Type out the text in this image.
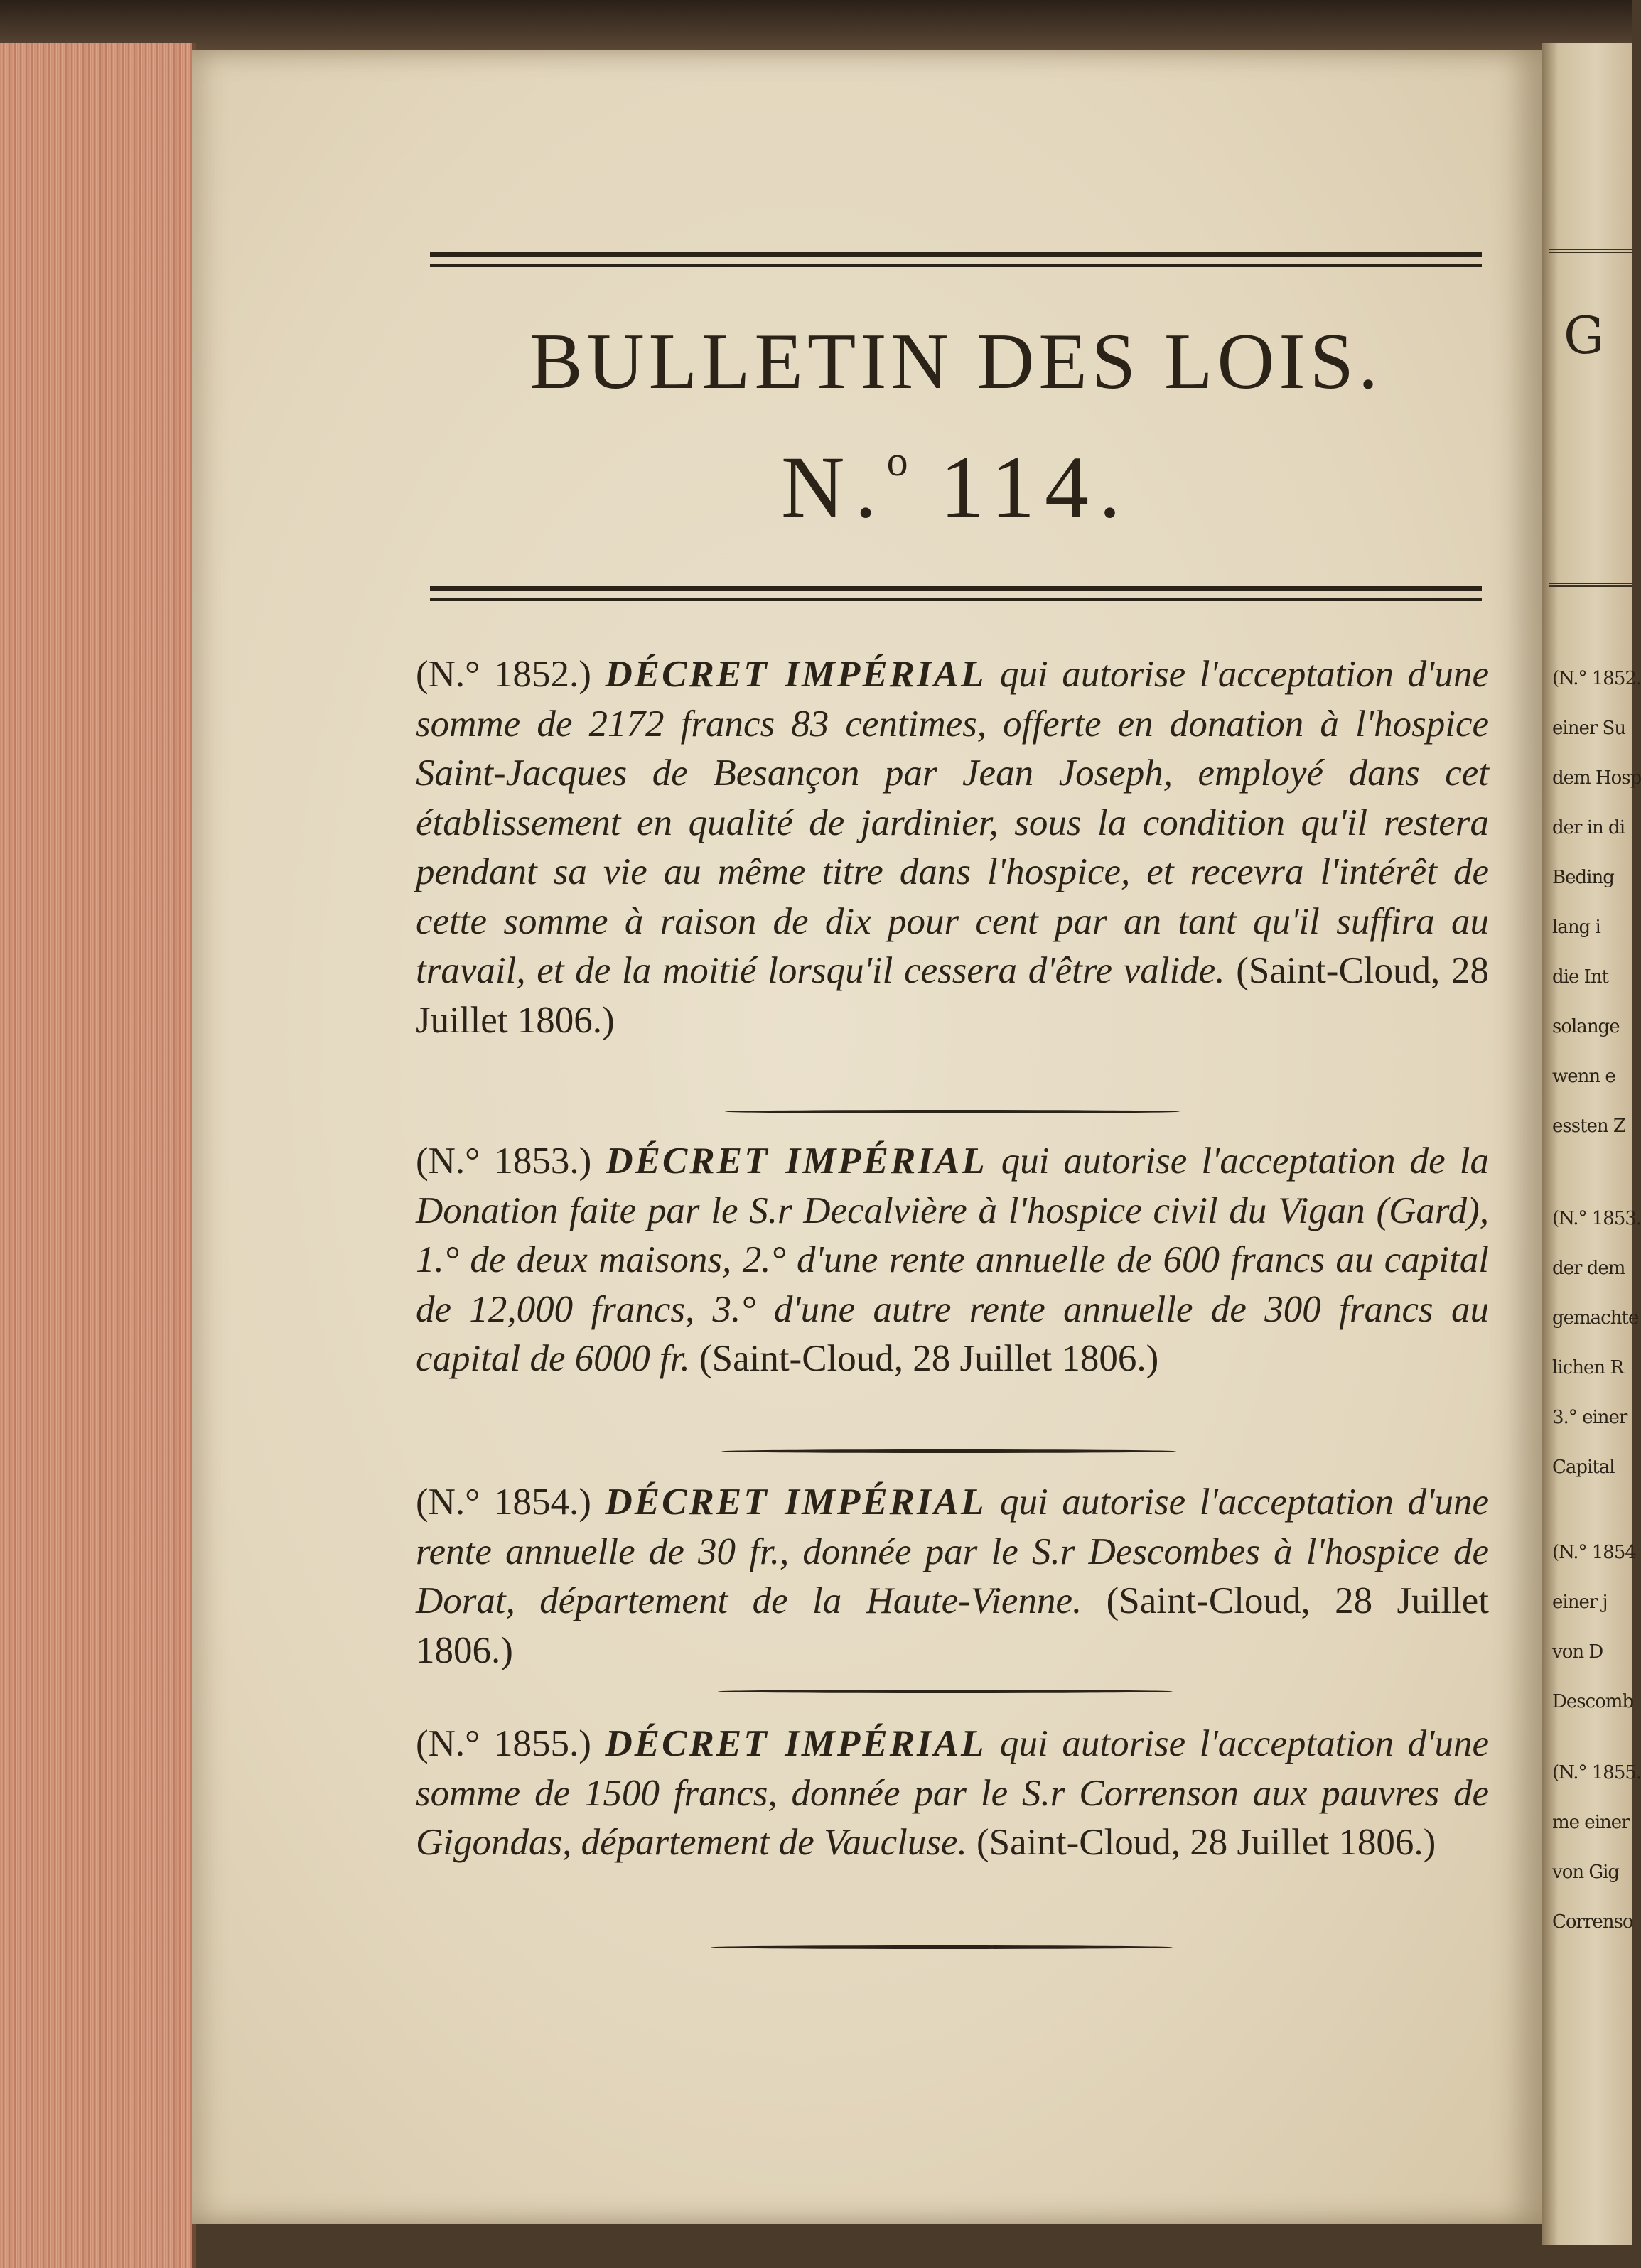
G
(N.° 1852.
einer Su
dem Hosp
der in di
Beding
lang i
die Int
solange
wenn e
essten Z
(N.° 1853.
der dem
gemachte
lichen R
3.° einer
Capital
(N.° 1854
einer j
von D
Descomb
(N.° 1855.
me einer
von Gig
Correnso
BULLETIN DES LOIS.
N.$^o$ 114.
(N.° 1852.) DÉCRET IMPÉRIAL qui autorise l'acceptation d'une somme de 2172 francs 83 centimes, offerte en donation à l'hospice Saint-Jacques de Besançon par Jean Joseph, employé dans cet établissement en qualité de jardinier, sous la condition qu'il restera pendant sa vie au même titre dans l'hospice, et recevra l'intérêt de cette somme à raison de dix pour cent par an tant qu'il suffira au travail, et de la moitié lorsqu'il cessera d'être valide. (Saint-Cloud, 28 Juillet 1806.)
(N.° 1853.) DÉCRET IMPÉRIAL qui autorise l'acceptation de la Donation faite par le S.r Decalvière à l'hospice civil du Vigan (Gard), 1.° de deux maisons, 2.° d'une rente annuelle de 600 francs au capital de 12,000 francs, 3.° d'une autre rente annuelle de 300 francs au capital de 6000 fr. (Saint-Cloud, 28 Juillet 1806.)
(N.° 1854.) DÉCRET IMPÉRIAL qui autorise l'acceptation d'une rente annuelle de 30 fr., donnée par le S.r Descombes à l'hospice de Dorat, département de la Haute-Vienne. (Saint-Cloud, 28 Juillet 1806.)
(N.° 1855.) DÉCRET IMPÉRIAL qui autorise l'acceptation d'une somme de 1500 francs, donnée par le S.r Correnson aux pauvres de Gigondas, département de Vaucluse. (Saint-Cloud, 28 Juillet 1806.)
